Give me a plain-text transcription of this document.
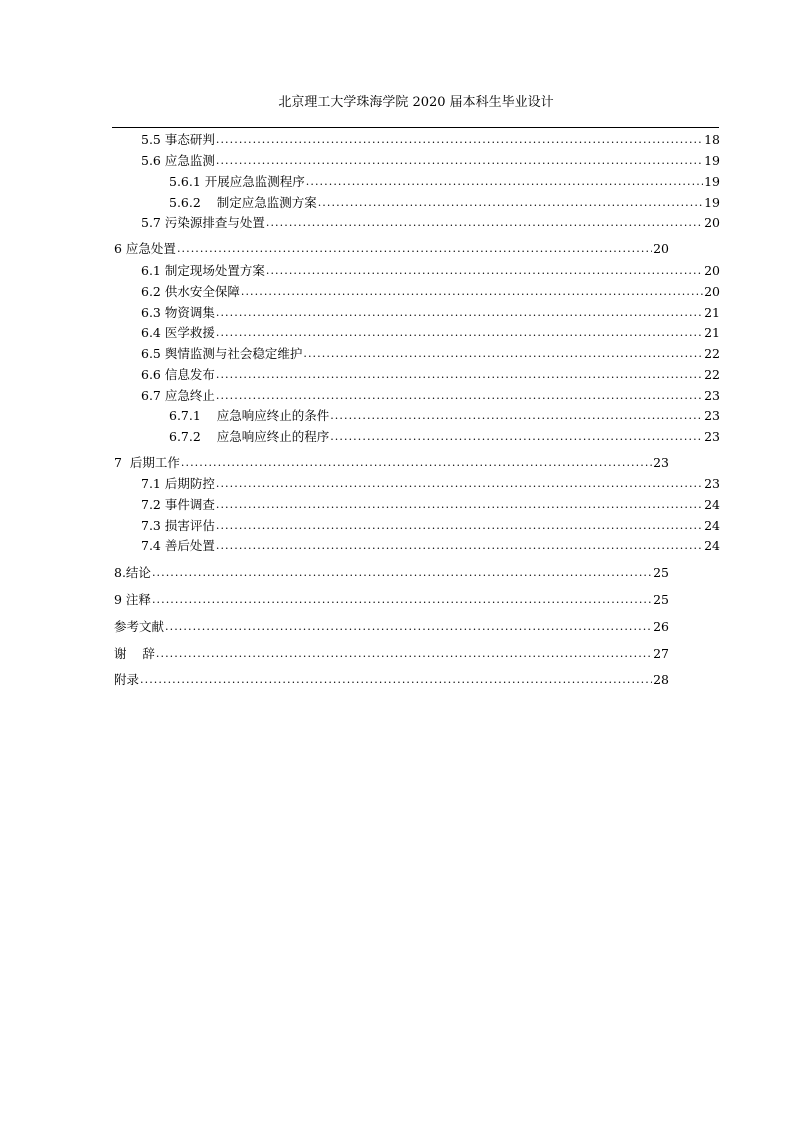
北京理工大学珠海学院 2020 届本科生毕业设计
5.5 事态研判 . . .	18
5.6 应急监测 . . .	19
5.6.1 开展应急监测程序 . . .	19
5.6.2    制定应急监测方案 . . .	19
5.7 污染源排查与处置 . . .	20
6 应急处置 . . .	20
6.1 制定现场处置方案 . . .	20
6.2 供水安全保障 . . .	20
6.3 物资调集 . . .	21
6.4 医学救援 . . .	21
6.5 舆情监测与社会稳定维护 . . .	22
6.6 信息发布 . . .	22
6.7 应急终止 . . .	23
6.7.1    应急响应终止的条件 . . .	23
6.7.2    应急响应终止的程序 . . .	23
7  后期工作 . . .	23
7.1 后期防控 . . .	23
7.2 事件调查 . . .	24
7.3 损害评估 . . .	24
7.4 善后处置 . . .	24
8.结论 . . .	25
9 注释 . . .	25
参考文献 . . .	26
谢    辞 . . .	27
附录 . . .	28
